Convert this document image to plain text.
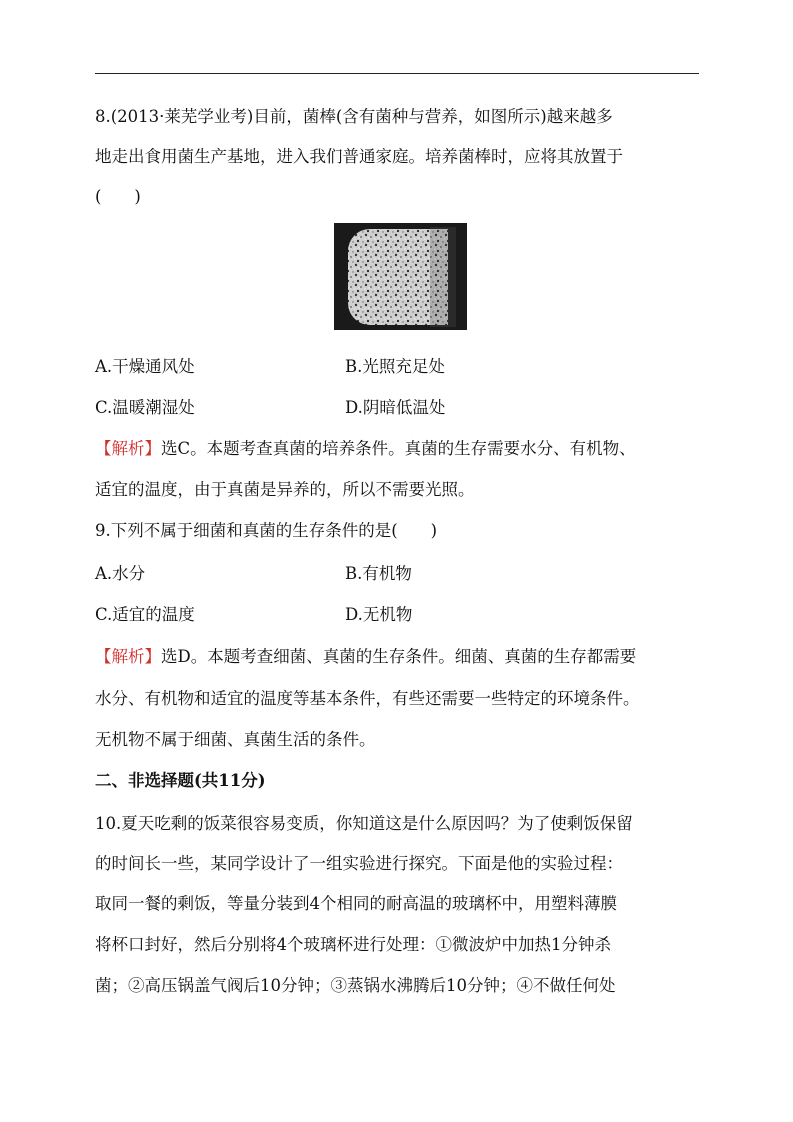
8.(2013·莱芜学业考)目前，菌棒(含有菌种与营养，如图所示)越来越多
地走出食用菌生产基地，进入我们普通家庭。培养菌棒时，应将其放置于
(　　)
A.干燥通风处	B.光照充足处
C.温暖潮湿处	D.阴暗低温处
【解析】选C。本题考查真菌的培养条件。真菌的生存需要水分、有机物、
适宜的温度，由于真菌是异养的，所以不需要光照。
9.下列不属于细菌和真菌的生存条件的是(　　)
A.水分	B.有机物
C.适宜的温度	D.无机物
【解析】选D。本题考查细菌、真菌的生存条件。细菌、真菌的生存都需要
水分、有机物和适宜的温度等基本条件，有些还需要一些特定的环境条件。
无机物不属于细菌、真菌生活的条件。
二、非选择题(共11分)
10.夏天吃剩的饭菜很容易变质，你知道这是什么原因吗？为了使剩饭保留
的时间长一些，某同学设计了一组实验进行探究。下面是他的实验过程：
取同一餐的剩饭，等量分装到4个相同的耐高温的玻璃杯中，用塑料薄膜
将杯口封好，然后分别将4个玻璃杯进行处理：①微波炉中加热1分钟杀
菌；②高压锅盖气阀后10分钟；③蒸锅水沸腾后10分钟；④不做任何处
